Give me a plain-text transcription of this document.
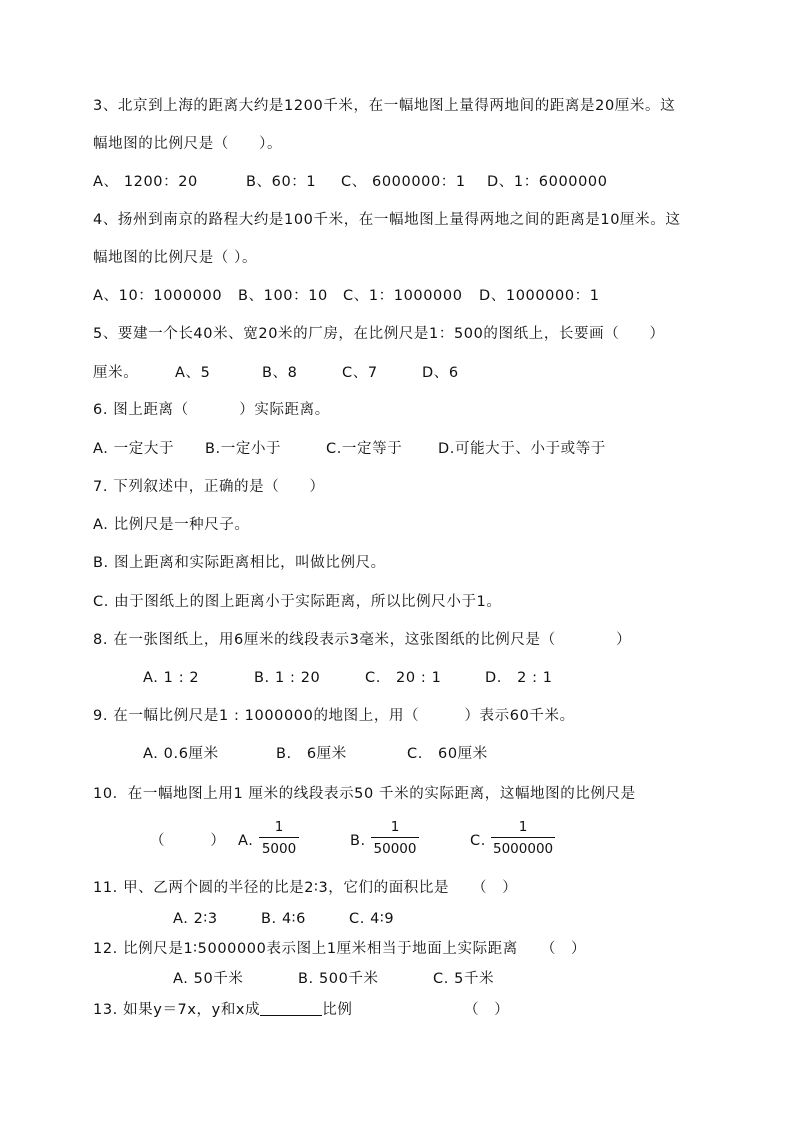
3、北京到上海的距离大约是1200千米，在一幅地图上量得两地间的距离是20厘米。这
幅地图的比例尺是（　　）。
A、 1200：20	B、60：1 C、 6000000：1 D、1：6000000
4、扬州到南京的路程大约是100千米，在一幅地图上量得两地之间的距离是10厘米。这
幅地图的比例尺是（ ）。
A、10：1000000 B、100：10 C、1：1000000 D、1000000：1
5、要建一个长40米、宽20米的厂房，在比例尺是1：500的图纸上，长要画（　　）
厘米。	A、5	B、8	C、7	D、6
6. 图上距离（　　　 ）实际距离。
A. 一定大于 B.一定小于	C.一定等于 D.可能大于、小于或等于
7. 下列叙述中，正确的是（　　）
A. 比例尺是一种尺子。
B. 图上距离和实际距离相比，叫做比例尺。
C. 由于图纸上的图上距离小于实际距离，所以比例尺小于1。
8. 在一张图纸上，用6厘米的线段表示3毫米，这张图纸的比例尺是（　　　　）
A. 1 : 2	B. 1 : 20	C.　20 : 1	D.　2 : 1
9. 在一幅比例尺是1 : 1000000的地图上，用（　　　）表示60千米。
A. 0.6厘米	B.　6厘米	C.　60厘米
10．在一幅地图上用1 厘米的线段表示50 千米的实际距离，这幅地图的比例尺是
（　　　） A.
1
5000	B.
1
50000	C.
1
5000000
11. 甲、乙两个圆的半径的比是2∶3，它们的面积比是　　（　）
A. 2∶3	B. 4∶6	C. 4∶9
12. 比例尺是1∶5000000表示图上1厘米相当于地面上实际距离　　（　）
A. 50千米	B. 500千米	C. 5千米
13. 如果y＝7x，y和x成	比例	（　）
